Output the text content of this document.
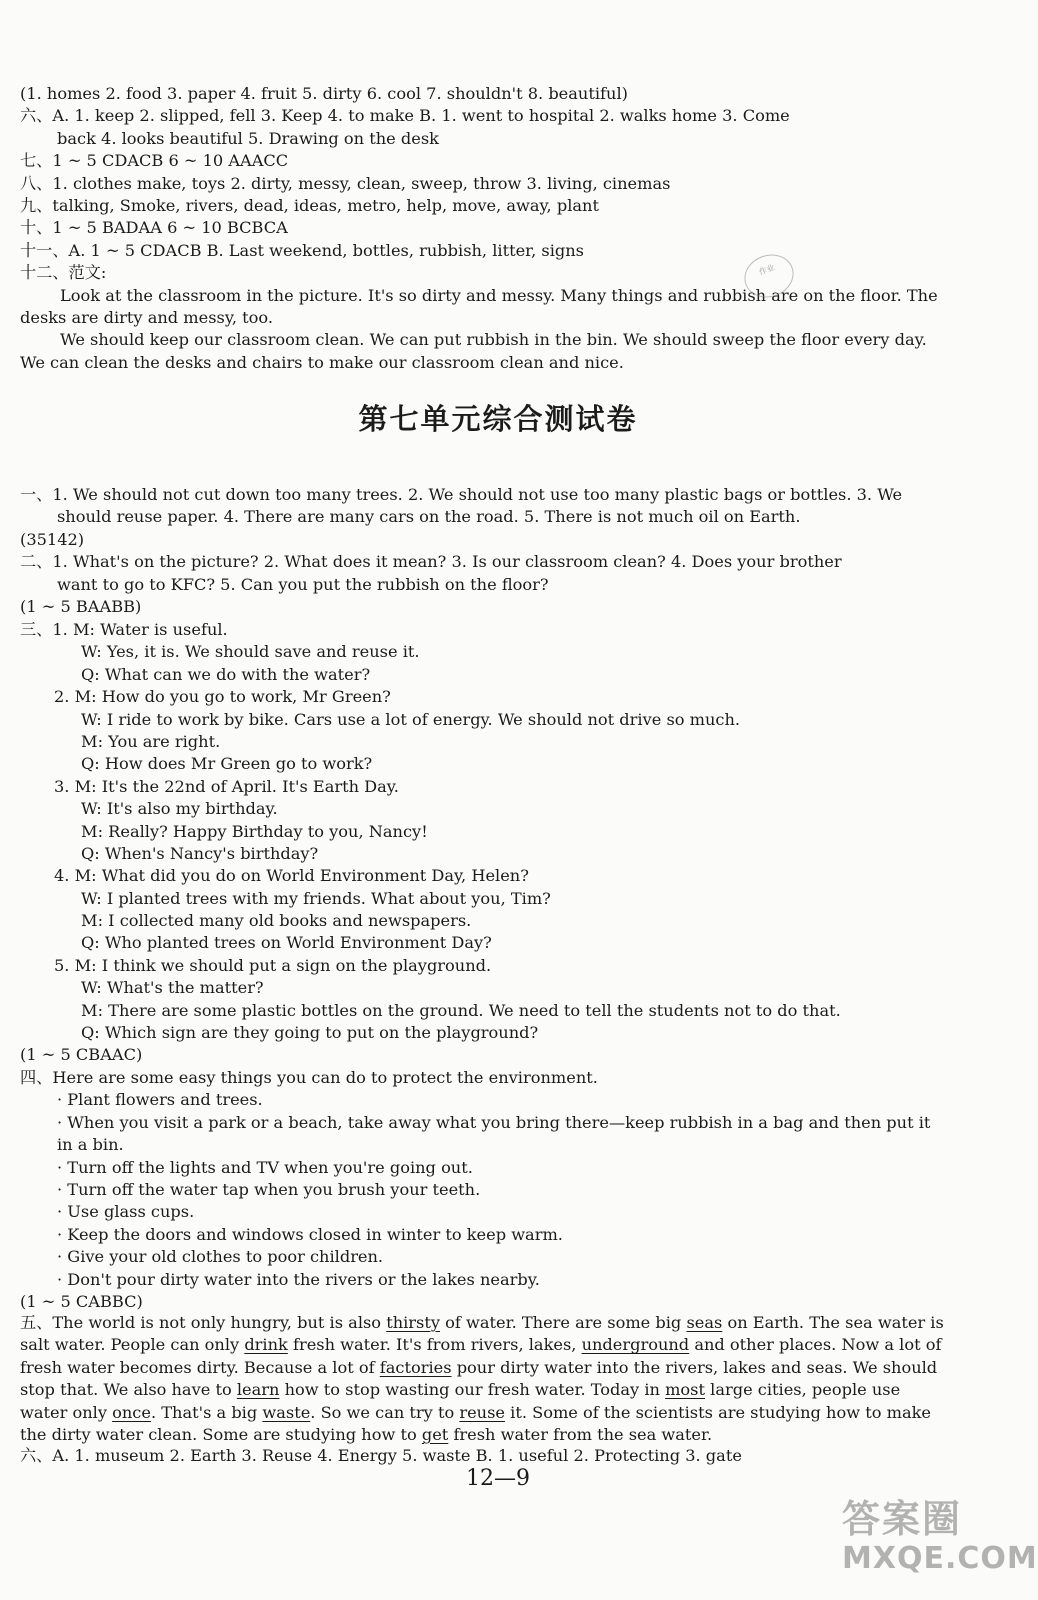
(1. homes 2. food 3. paper 4. fruit 5. dirty 6. cool 7. shouldn't 8. beautiful)
六、A. 1. keep 2. slipped, fell 3. Keep 4. to make B. 1. went to hospital 2. walks home 3. Come
back 4. looks beautiful 5. Drawing on the desk
七、1 ~ 5 CDACB 6 ~ 10 AAACC
八、1. clothes make, toys 2. dirty, messy, clean, sweep, throw 3. living, cinemas
九、talking, Smoke, rivers, dead, ideas, metro, help, move, away, plant
十、1 ~ 5 BADAA 6 ~ 10 BCBCA
十一、A. 1 ~ 5 CDACB B. Last weekend, bottles, rubbish, litter, signs
十二、范文:
Look at the classroom in the picture. It's so dirty and messy. Many things and rubbish are on the floor. The
desks are dirty and messy, too.
We should keep our classroom clean. We can put rubbish in the bin. We should sweep the floor every day.
We can clean the desks and chairs to make our classroom clean and nice.
作业
第七单元综合测试卷
一、1. We should not cut down too many trees. 2. We should not use too many plastic bags or bottles. 3. We
should reuse paper. 4. There are many cars on the road. 5. There is not much oil on Earth.
(35142)
二、1. What's on the picture? 2. What does it mean? 3. Is our classroom clean? 4. Does your brother
want to go to KFC? 5. Can you put the rubbish on the floor?
(1 ~ 5 BAABB)
三、1. M: Water is useful.
W: Yes, it is. We should save and reuse it.
Q: What can we do with the water?
2. M: How do you go to work, Mr Green?
W: I ride to work by bike. Cars use a lot of energy. We should not drive so much.
M: You are right.
Q: How does Mr Green go to work?
3. M: It's the 22nd of April. It's Earth Day.
W: It's also my birthday.
M: Really? Happy Birthday to you, Nancy!
Q: When's Nancy's birthday?
4. M: What did you do on World Environment Day, Helen?
W: I planted trees with my friends. What about you, Tim?
M: I collected many old books and newspapers.
Q: Who planted trees on World Environment Day?
5. M: I think we should put a sign on the playground.
W: What's the matter?
M: There are some plastic bottles on the ground. We need to tell the students not to do that.
Q: Which sign are they going to put on the playground?
(1 ~ 5 CBAAC)
四、Here are some easy things you can do to protect the environment.
· Plant flowers and trees.
· When you visit a park or a beach, take away what you bring there—keep rubbish in a bag and then put it
in a bin.
· Turn off the lights and TV when you're going out.
· Turn off the water tap when you brush your teeth.
· Use glass cups.
· Keep the doors and windows closed in winter to keep warm.
· Give your old clothes to poor children.
· Don't pour dirty water into the rivers or the lakes nearby.
(1 ~ 5 CABBC)
五、The world is not only hungry, but is also thirsty of water. There are some big seas on Earth. The sea water is salt water. People can only drink fresh water. It's from rivers, lakes, underground and other places. Now a lot of fresh water becomes dirty. Because a lot of factories pour dirty water into the rivers, lakes and seas. We should stop that. We also have to learn how to stop wasting our fresh water. Today in most large cities, people use water only once. That's a big waste. So we can try to reuse it. Some of the scientists are studying how to make the dirty water clean. Some are studying how to get fresh water from the sea water.
六、A. 1. museum 2. Earth 3. Reuse 4. Energy 5. waste B. 1. useful 2. Protecting 3. gate
12—9
答案圈
MXQE.COM
